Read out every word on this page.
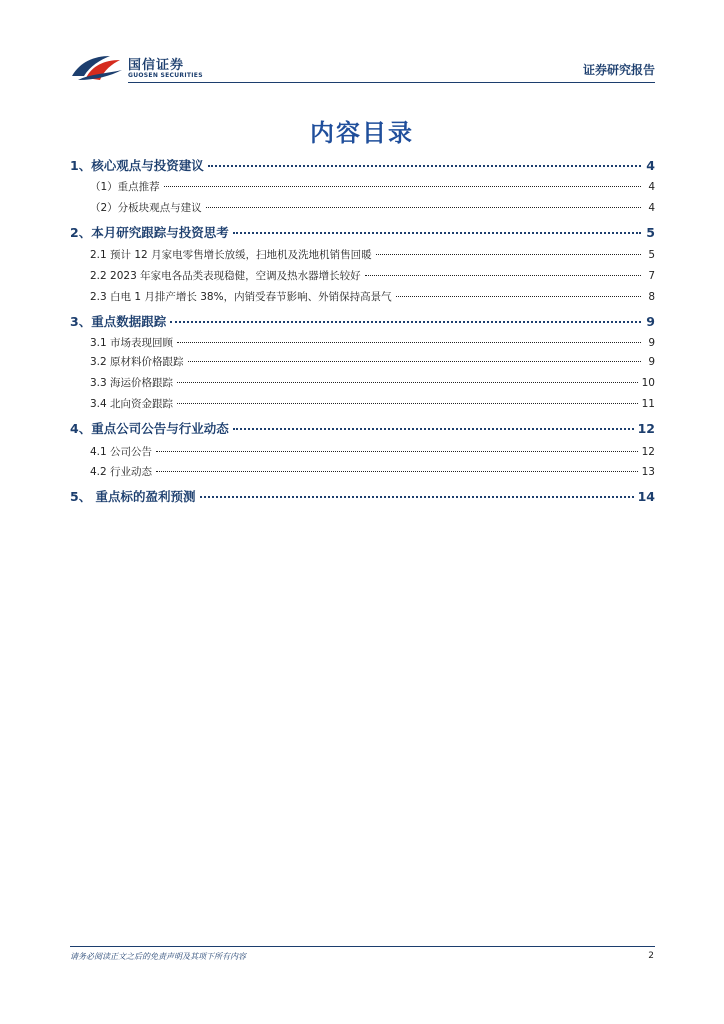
国信证券
GUOSEN SECURITIES	证券研究报告
内容目录
1、核心观点与投资建议	4
（1）重点推荐	4
（2）分板块观点与建议	4
2、本月研究跟踪与投资思考	5
2.1 预计 12 月家电零售增长放缓，扫地机及洗地机销售回暖	5
2.2 2023 年家电各品类表现稳健，空调及热水器增长较好	7
2.3 白电 1 月排产增长 38%，内销受春节影响、外销保持高景气	8
3、重点数据跟踪	9
3.1 市场表现回顾	9
3.2 原材料价格跟踪	9
3.3 海运价格跟踪	10
3.4 北向资金跟踪	11
4、重点公司公告与行业动态	12
4.1 公司公告	12
4.2 行业动态	13
5、 重点标的盈利预测	14
请务必阅读正文之后的免责声明及其项下所有内容	2
